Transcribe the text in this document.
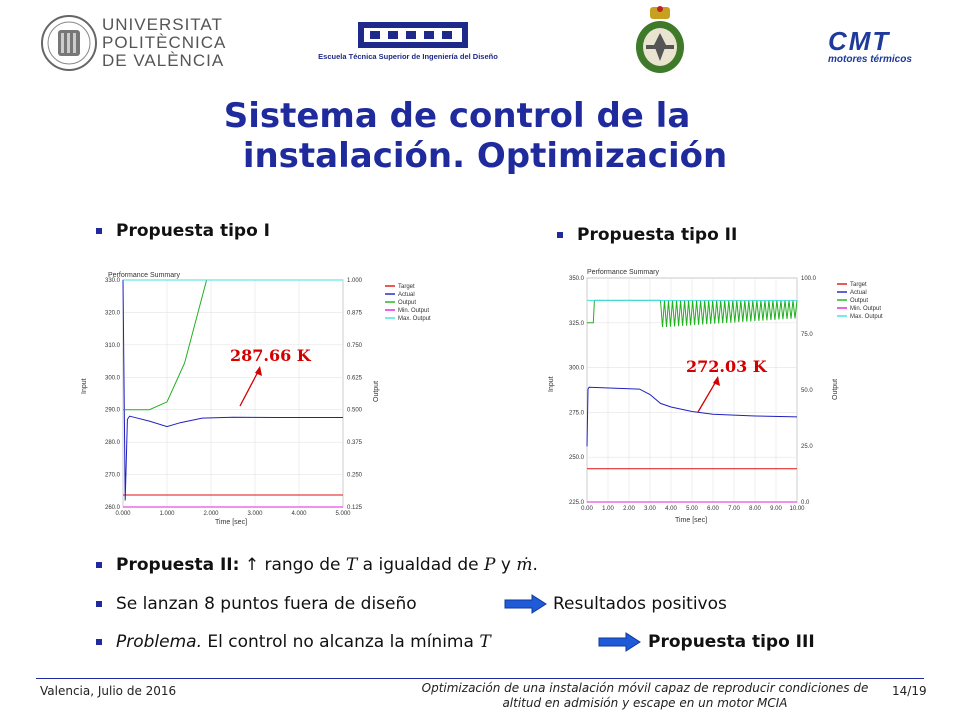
UNIVERSITAT
POLITÈCNICA
DE VALÈNCIA	Escuela Técnica Superior de Ingeniería del Diseño
CMT
motores térmicos
Sistema de control de la
instalación. Optimización
Propuesta tipo I	Propuesta tipo II
Performance Summary
0.000	1.000	2.000	3.000	4.000	5.000
260.0
270.0
280.0
290.0
300.0
310.0
320.0
330.0
0.125
0.250
0.375
0.500
0.625
0.750
0.875
1.000
Input	Output
Time [sec]
Target
Actual
Output
Min. Output
Max. Output
Performance Summary
0.00 1.00 2.00 3.00 4.00 5.00 6.00 7.00 8.00 9.00 10.00
225.0
250.0
275.0
300.0
325.0
350.0
0.0
25.0
50.0
75.0
100.0
Input	Output
Time [sec]
Target
Actual
Output
Min. Output
Max. Output
287.66 K
272.03 K
Propuesta II: ↑ rango de T a igualdad de P y ṁ.
Se lanzan 8 puntos fuera de diseño	Resultados positivos
Problema. El control no alcanza la mínima T	Propuesta tipo III
Valencia, Julio de 2016	Optimización de una instalación móvil capaz de reproducir condiciones de
altitud en admisión y escape en un motor MCIA
14/19
